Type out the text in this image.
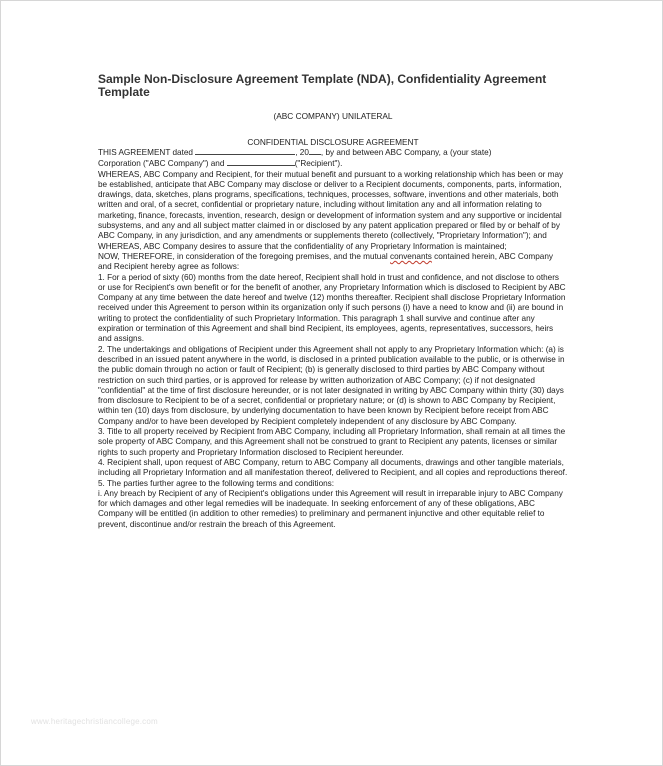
Sample Non-Disclosure Agreement Template (NDA), Confidentiality Agreement Template
(ABC COMPANY) UNILATERAL
CONFIDENTIAL DISCLOSURE AGREEMENT

THIS AGREEMENT dated	, 20 , by and between ABC Company, a (your state)
Corporation ("ABC Company") and	("Recipient").

WHEREAS, ABC Company and Recipient, for their mutual benefit and pursuant to a working relationship which has been or may be established, anticipate that ABC Company may disclose or deliver to a Recipient documents, components, parts, information, drawings, data, sketches, plans programs, specifications, techniques, processes, software, inventions and other materials, both written and oral, of a secret, confidential or proprietary nature, including without limitation any and all information relating to marketing, finance, forecasts, invention, research, design or development of information system and any supportive or incidental subsystems, and any and all subject matter claimed in or disclosed by any patent application prepared or filed by or behalf of by ABC Company, in any jurisdiction, and any amendments or supplements thereto (collectively, "Proprietary Information"); and

WHEREAS, ABC Company desires to assure that the confidentiality of any Proprietary Information is maintained;

NOW, THEREFORE, in consideration of the foregoing premises, and the mutual convenants contained herein, ABC Company and Recipient hereby agree as follows:

1. For a period of sixty (60) months from the date hereof, Recipient shall hold in trust and confidence, and not disclose to others or use for Recipient's own benefit or for the benefit of another, any Proprietary Information which is disclosed to Recipient by ABC Company at any time between the date hereof and twelve (12) months thereafter. Recipient shall disclose Proprietary Information received under this Agreement to person within its organization only if such persons (i) have a need to know and (ii) are bound in writing to protect the confidentiality of such Proprietary Information. This paragraph 1 shall survive and continue after any expiration or termination of this Agreement and shall bind Recipient, its employees, agents, representatives, successors, heirs and assigns.

2. The undertakings and obligations of Recipient under this Agreement shall not apply to any Proprietary Information which: (a) is described in an issued patent anywhere in the world, is disclosed in a printed publication available to the public, or is otherwise in the public domain through no action or fault of Recipient; (b) is generally disclosed to third parties by ABC Company without restriction on such third parties, or is approved for release by written authorization of ABC Company; (c) if not designated "confidential" at the time of first disclosure hereunder, or is not later designated in writing by ABC Company within thirty (30) days from disclosure to Recipient to be of a secret, confidential or proprietary nature; or (d) is shown to ABC Company by Recipient, within ten (10) days from disclosure, by underlying documentation to have been known by Recipient before receipt from ABC Company and/or to have been developed by Recipient completely independent of any disclosure by ABC Company.

3. Title to all property received by Recipient from ABC Company, including all Proprietary Information, shall remain at all times the sole property of ABC Company, and this Agreement shall not be construed to grant to Recipient any patents, licenses or similar rights to such property and Proprietary Information disclosed to Recipient hereunder.

4. Recipient shall, upon request of ABC Company, return to ABC Company all documents, drawings and other tangible materials, including all Proprietary Information and all manifestation thereof, delivered to Recipient, and all copies and reproductions thereof.

5. The parties further agree to the following terms and conditions:

i. Any breach by Recipient of any of Recipient's obligations under this Agreement will result in irreparable injury to ABC Company for which damages and other legal remedies will be inadequate. In seeking enforcement of any of these obligations, ABC Company will be entitled (in addition to other remedies) to preliminary and permanent injunctive and other equitable relief to prevent, discontinue and/or restrain the breach of this Agreement.

www.heritagechristiancollege.com
